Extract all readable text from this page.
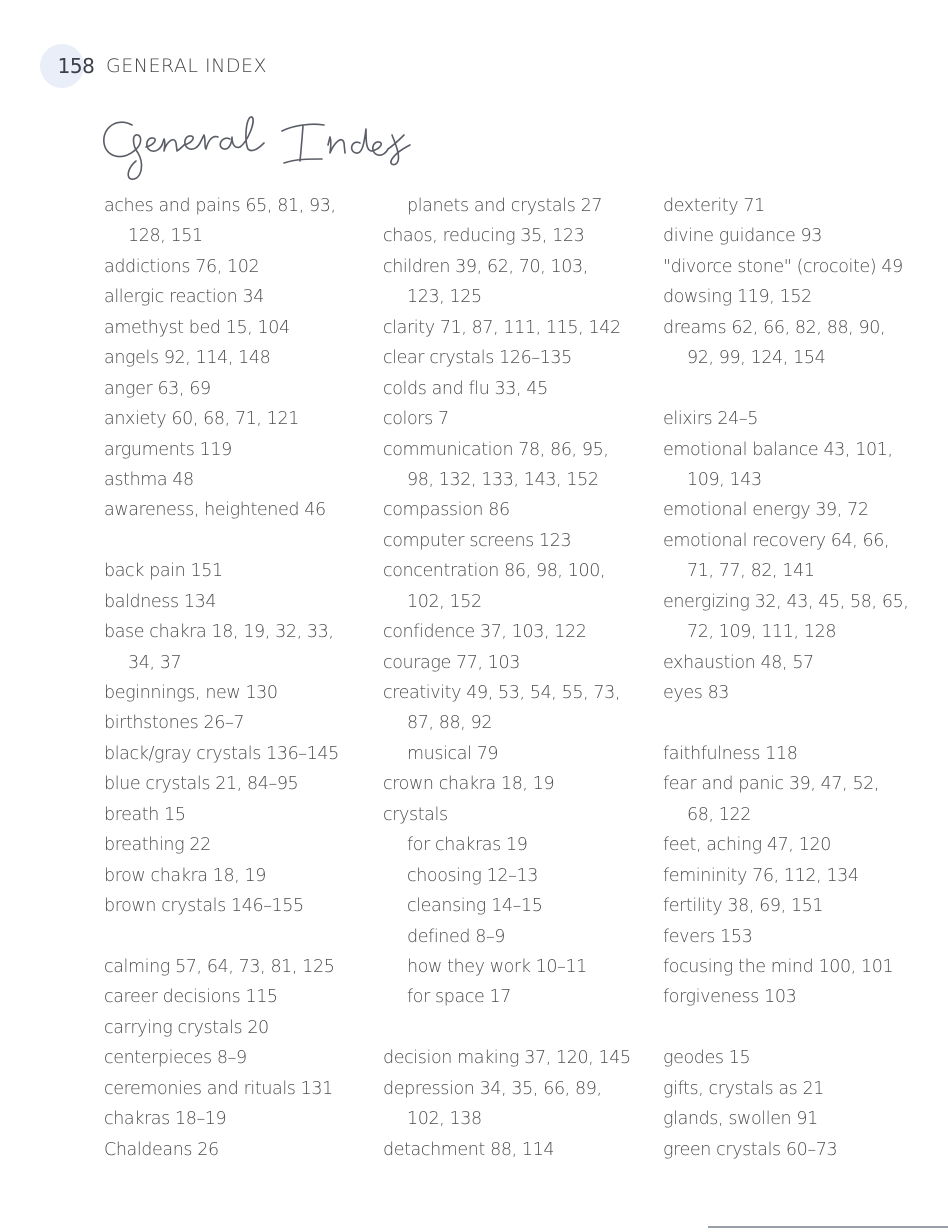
158 GENERAL INDEX
aches and pains 65, 81, 93,
128, 151
addictions 76, 102
allergic reaction 34
amethyst bed 15, 104
angels 92, 114, 148
anger 63, 69
anxiety 60, 68, 71, 121
arguments 119
asthma 48
awareness, heightened 46
back pain 151
baldness 134
base chakra 18, 19, 32, 33,
34, 37
beginnings, new 130
birthstones 26–7
black/gray crystals 136–145
blue crystals 21, 84–95
breath 15
breathing 22
brow chakra 18, 19
brown crystals 146–155
calming 57, 64, 73, 81, 125
career decisions 115
carrying crystals 20
centerpieces 8–9
ceremonies and rituals 131
chakras 18–19
Chaldeans 26
planets and crystals 27
chaos, reducing 35, 123
children 39, 62, 70, 103,
123, 125
clarity 71, 87, 111, 115, 142
clear crystals 126–135
colds and flu 33, 45
colors 7
communication 78, 86, 95,
98, 132, 133, 143, 152
compassion 86
computer screens 123
concentration 86, 98, 100,
102, 152
confidence 37, 103, 122
courage 77, 103
creativity 49, 53, 54, 55, 73,
87, 88, 92
musical 79
crown chakra 18, 19
crystals
for chakras 19
choosing 12–13
cleansing 14–15
defined 8–9
how they work 10–11
for space 17
decision making 37, 120, 145
depression 34, 35, 66, 89,
102, 138
detachment 88, 114
dexterity 71
divine guidance 93
"divorce stone" (crocoite) 49
dowsing 119, 152
dreams 62, 66, 82, 88, 90,
92, 99, 124, 154
elixirs 24–5
emotional balance 43, 101,
109, 143
emotional energy 39, 72
emotional recovery 64, 66,
71, 77, 82, 141
energizing 32, 43, 45, 58, 65,
72, 109, 111, 128
exhaustion 48, 57
eyes 83
faithfulness 118
fear and panic 39, 47, 52,
68, 122
feet, aching 47, 120
femininity 76, 112, 134
fertility 38, 69, 151
fevers 153
focusing the mind 100, 101
forgiveness 103
geodes 15
gifts, crystals as 21
glands, swollen 91
green crystals 60–73
